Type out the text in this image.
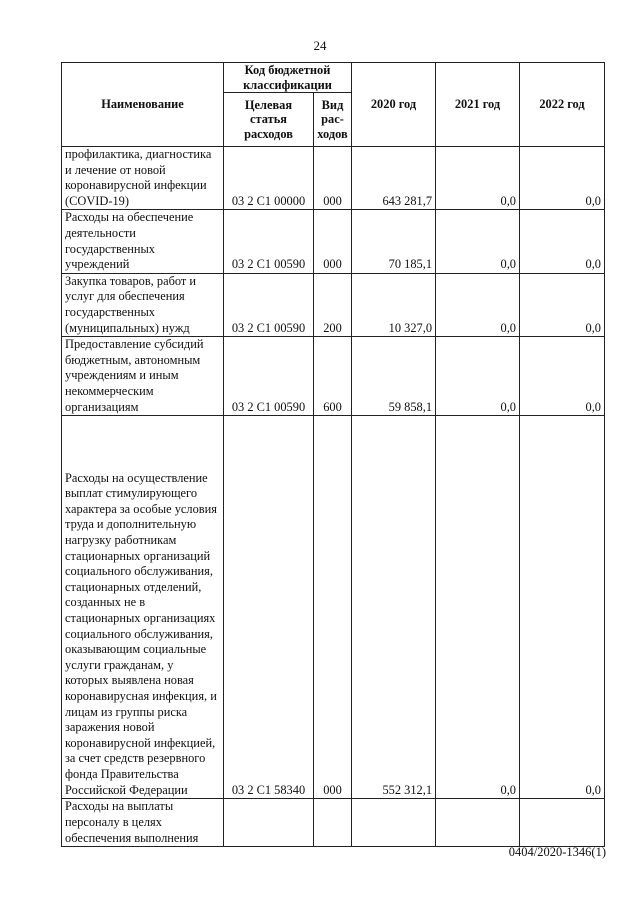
24
Наименование	Код бюджетной классификации		2020 год	2021 год	2022 год
	Целевая статья расходов	Вид рас- ходов			
профилактика, диагностика и лечение от новой коронавирусной инфекции (COVID-19)	03 2 С1 00000	000	643 281,7	0,0	0,0
Расходы на обеспечение деятельности государственных учреждений	03 2 С1 00590	000	70 185,1	0,0	0,0
Закупка товаров, работ и услуг для обеспечения государственных (муниципальных) нужд	03 2 С1 00590	200	10 327,0	0,0	0,0
Предоставление субсидий бюджетным, автономным учреждениям и иным некоммерческим организациям	03 2 С1 00590	600	59 858,1	0,0	0,0
Расходы на осуществление выплат стимулирующего характера за особые условия труда и дополнительную нагрузку работникам стационарных организаций социального обслуживания, стационарных отделений, созданных не в стационарных организациях социального обслуживания, оказывающим социальные услуги гражданам, у которых выявлена новая коронавирусная инфекция, и лицам из группы риска заражения новой коронавирусной инфекцией, за счет средств резервного фонда Правительства Российской Федерации	03 2 С1 58340	000	552 312,1	0,0	0,0
Расходы на выплаты персоналу в целях обеспечения выполнения					
0404/2020-1346(1)
